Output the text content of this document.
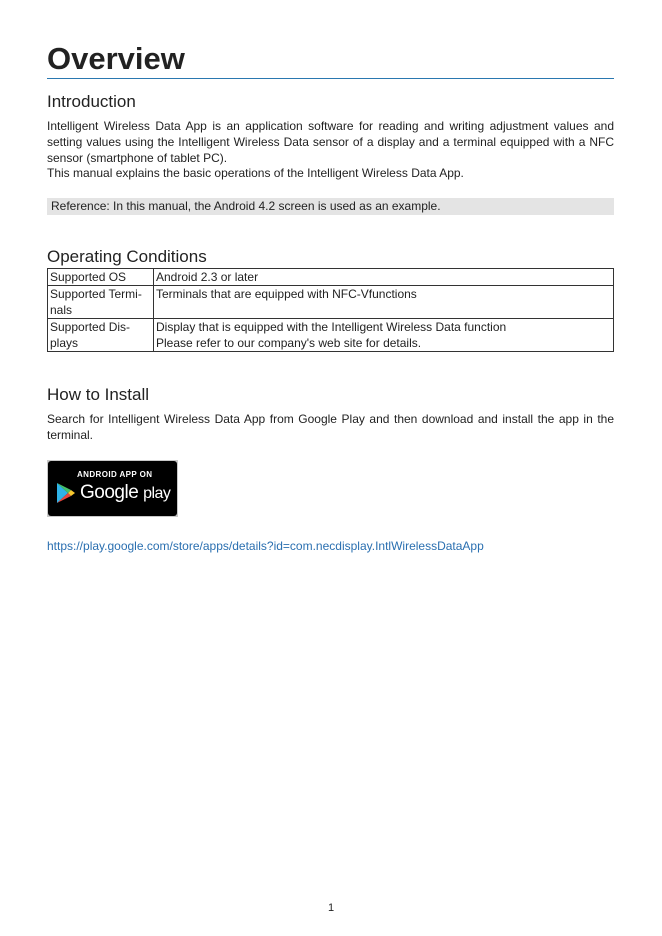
Overview
Introduction

Intelligent Wireless Data App is an application software for reading and writing adjustment values and setting values using the Intelligent Wireless Data sensor of a display and a terminal equipped with a NFC sensor (smartphone of tablet PC).

This manual explains the basic operations of the Intelligent Wireless Data App.

Reference: In this manual, the Android 4.2 screen is used as an example.
Operating Conditions
Supported OS	Android 2.3 or later
Supported Termi-nals	Terminals that are equipped with NFC-Vfunctions
Supported Dis-plays	Display that is equipped with the Intelligent Wireless Data function
Please refer to our company's web site for details.
How to Install

Search for Intelligent Wireless Data App from Google Play and then download and install the app in the terminal.

ANDROID APP ON
Google play
https://play.google.com/store/apps/details?id=com.necdisplay.IntlWirelessDataApp
1
